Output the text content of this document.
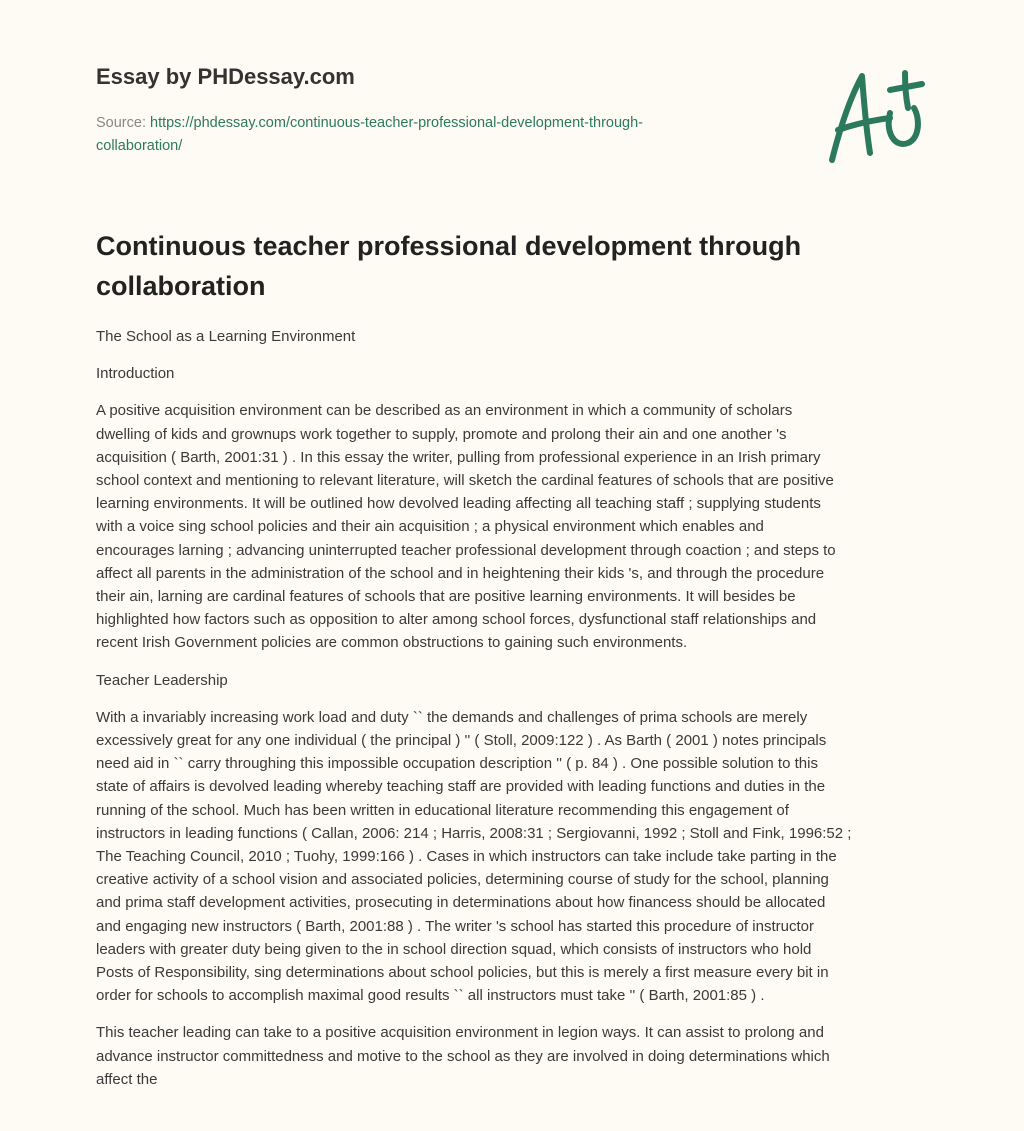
Essay by PHDessay.com
Source: https://phdessay.com/continuous-teacher-professional-development-through-
collaboration/
Continuous teacher professional development through collaboration

The School as a Learning Environment

Introduction

A positive acquisition environment can be described as an environment in which a community of scholars
dwelling of kids and grownups work together to supply, promote and prolong their ain and one another 's
acquisition ( Barth, 2001:31 ) . In this essay the writer, pulling from professional experience in an Irish primary
school context and mentioning to relevant literature, will sketch the cardinal features of schools that are positive
learning environments. It will be outlined how devolved leading affecting all teaching staff ; supplying students
with a voice sing school policies and their ain acquisition ; a physical environment which enables and
encourages larning ; advancing uninterrupted teacher professional development through coaction ; and steps to
affect all parents in the administration of the school and in heightening their kids 's, and through the procedure
their ain, larning are cardinal features of schools that are positive learning environments. It will besides be
highlighted how factors such as opposition to alter among school forces, dysfunctional staff relationships and
recent Irish Government policies are common obstructions to gaining such environments.

Teacher Leadership

With a invariably increasing work load and duty `` the demands and challenges of prima schools are merely
excessively great for any one individual ( the principal ) '' ( Stoll, 2009:122 ) . As Barth ( 2001 ) notes principals
need aid in `` carry throughing this impossible occupation description '' ( p. 84 ) . One possible solution to this
state of affairs is devolved leading whereby teaching staff are provided with leading functions and duties in the
running of the school. Much has been written in educational literature recommending this engagement of
instructors in leading functions ( Callan, 2006: 214 ; Harris, 2008:31 ; Sergiovanni, 1992 ; Stoll and Fink, 1996:52 ;
The Teaching Council, 2010 ; Tuohy, 1999:166 ) . Cases in which instructors can take include take parting in the
creative activity of a school vision and associated policies, determining course of study for the school, planning
and prima staff development activities, prosecuting in determinations about how financess should be allocated
and engaging new instructors ( Barth, 2001:88 ) . The writer 's school has started this procedure of instructor
leaders with greater duty being given to the in school direction squad, which consists of instructors who hold
Posts of Responsibility, sing determinations about school policies, but this is merely a first measure every bit in
order for schools to accomplish maximal good results `` all instructors must take '' ( Barth, 2001:85 ) .

This teacher leading can take to a positive acquisition environment in legion ways. It can assist to prolong and
advance instructor committedness and motive to the school as they are involved in doing determinations which
affect the
